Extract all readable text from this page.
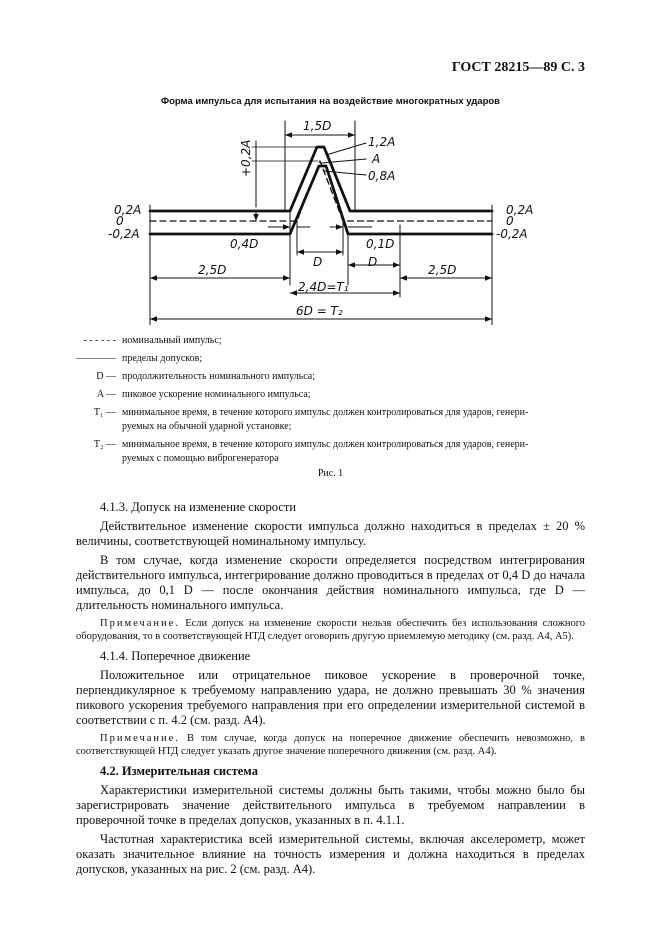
ГОСТ 28215—89 С. 3
Форма импульса для испытания на воздействие многократных ударов
1,5D
+0,2A	1,2A
A
0,8A
0,2A
0
-0,2A
0,2A
0
-0,2A
0,4D	0,1D
D	D
2,5D	2,5D
2,4D=T₁
6D = T₂
- - - - - - номинальный импульс;
———— пределы допусков;
D — продолжительность номинального импульса;
A — пиковое ускорение номинального импульса;
T₁ — минимальное время, в течение которого импульс должен контролироваться для ударов, генери-
руемых на обычной ударной установке;
T₂ — минимальное время, в течение которого импульс должен контролироваться для ударов, генери-
руемых с помощью виброгенератора
Рис. 1

4.1.3. Допуск на изменение скорости

Действительное изменение скорости импульса должно находиться в пределах ± 20 % величины, соответствующей номинальному импульсу.

В том случае, когда изменение скорости определяется посредством интегрирования действительного импульса, интегрирование должно проводиться в пределах от 0,4 D до начала импульса, до 0,1 D — после окончания действия номинального импульса, где D — длительность номинального импульса.

Примечание. Если допуск на изменение скорости нельзя обеспечить без использования сложного оборудования, то в соответствующей НТД следует оговорить другую приемлемую методику (см. разд. А4, А5).

4.1.4. Поперечное движение

Положительное или отрицательное пиковое ускорение в проверочной точке, перпендикулярное к требуемому направлению удара, не должно превышать 30 % значения пикового ускорения требуемого направления при его определении измерительной системой в соответствии с п. 4.2 (см. разд. А4).

Примечание. В том случае, когда допуск на поперечное движение обеспечить невозможно, в соответствующей НТД следует указать другое значение поперечного движения (см. разд. А4).

4.2. Измерительная система

Характеристики измерительной системы должны быть такими, чтобы можно было бы зарегистрировать значение действительного импульса в требуемом направлении в проверочной точке в пределах допусков, указанных в п. 4.1.1.

Частотная характеристика всей измерительной системы, включая акселерометр, может оказать значительное влияние на точность измерения и должна находиться в пределах допусков, указанных на рис. 2 (см. разд. А4).
